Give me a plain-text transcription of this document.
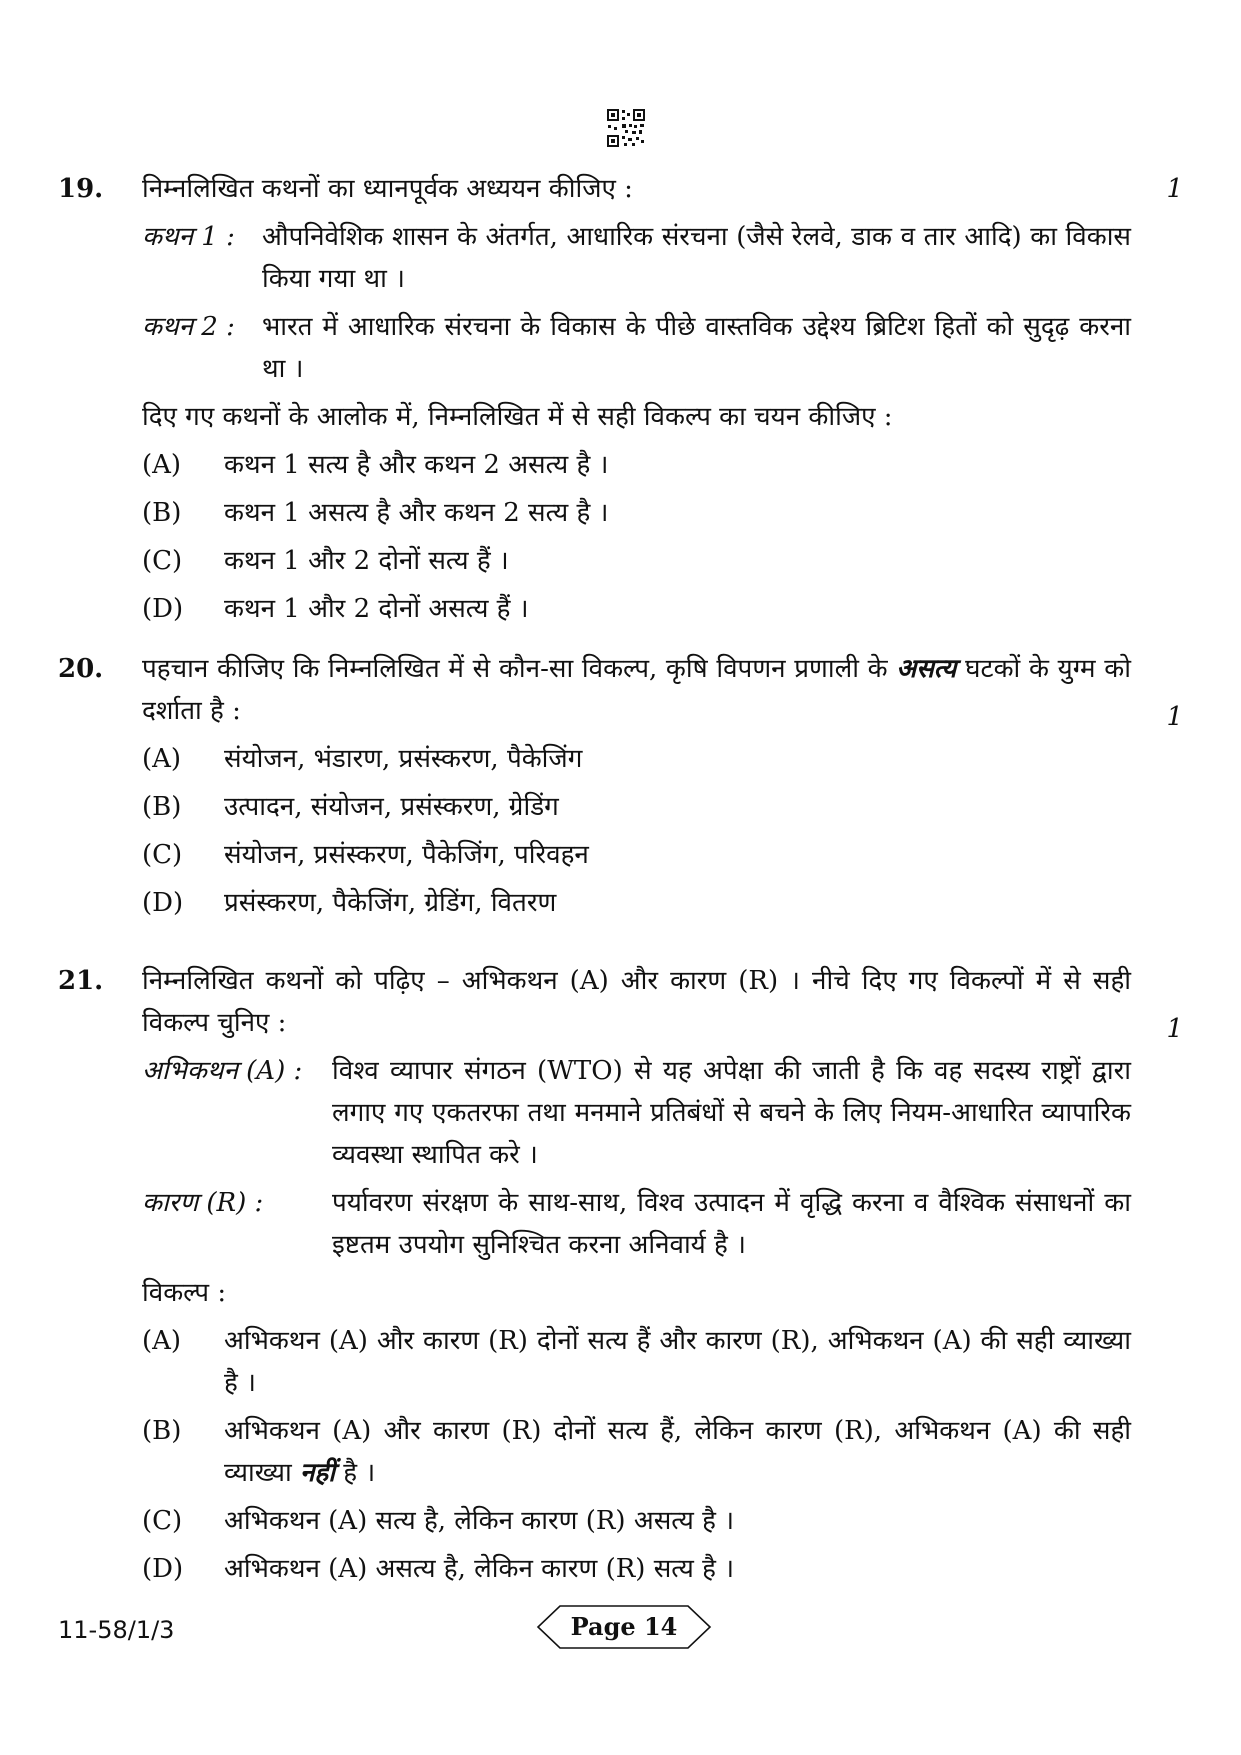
19.	1
निम्नलिखित कथनों का ध्यानपूर्वक अध्ययन कीजिए :
कथन 1 :	औपनिवेशिक शासन के अंतर्गत, आधारिक संरचना (जैसे रेलवे, डाक व तार आदि) का विकास किया गया था ।
कथन 2 :	भारत में आधारिक संरचना के विकास के पीछे वास्तविक उद्देश्य ब्रिटिश हितों को सुदृढ़ करना था ।
दिए गए कथनों के आलोक में, निम्नलिखित में से सही विकल्प का चयन कीजिए :
(A)	कथन 1 सत्य है और कथन 2 असत्य है ।
(B)	कथन 1 असत्य है और कथन 2 सत्य है ।
(C)	कथन 1 और 2 दोनों सत्य हैं ।
(D)	कथन 1 और 2 दोनों असत्य हैं ।
20.
1
पहचान कीजिए कि निम्नलिखित में से कौन-सा विकल्प, कृषि विपणन प्रणाली के असत्य घटकों के युग्म को दर्शाता है :
(A)	संयोजन, भंडारण, प्रसंस्करण, पैकेजिंग
(B)	उत्पादन, संयोजन, प्रसंस्करण, ग्रेडिंग
(C)	संयोजन, प्रसंस्करण, पैकेजिंग, परिवहन
(D)	प्रसंस्करण, पैकेजिंग, ग्रेडिंग, वितरण
21.
1
निम्नलिखित कथनों को पढ़िए – अभिकथन (A) और कारण (R) । नीचे दिए गए विकल्पों में से सही विकल्प चुनिए :
अभिकथन (A) :	विश्व व्यापार संगठन (WTO) से यह अपेक्षा की जाती है कि वह सदस्य राष्ट्रों द्वारा लगाए गए एकतरफा तथा मनमाने प्रतिबंधों से बचने के लिए नियम-आधारित व्यापारिक व्यवस्था स्थापित करे ।
कारण (R) :	पर्यावरण संरक्षण के साथ-साथ, विश्व उत्पादन में वृद्धि करना व वैश्विक संसाधनों का इष्टतम उपयोग सुनिश्चित करना अनिवार्य है ।
विकल्प :
(A)	अभिकथन (A) और कारण (R) दोनों सत्य हैं और कारण (R), अभिकथन (A) की सही व्याख्या है ।
(B)	अभिकथन (A) और कारण (R) दोनों सत्य हैं, लेकिन कारण (R), अभिकथन (A) की सही व्याख्या नहीं है ।
(C)	अभिकथन (A) सत्य है, लेकिन कारण (R) असत्य है ।
(D)	अभिकथन (A) असत्य है, लेकिन कारण (R) सत्य है ।
11-58/1/3	Page 14
